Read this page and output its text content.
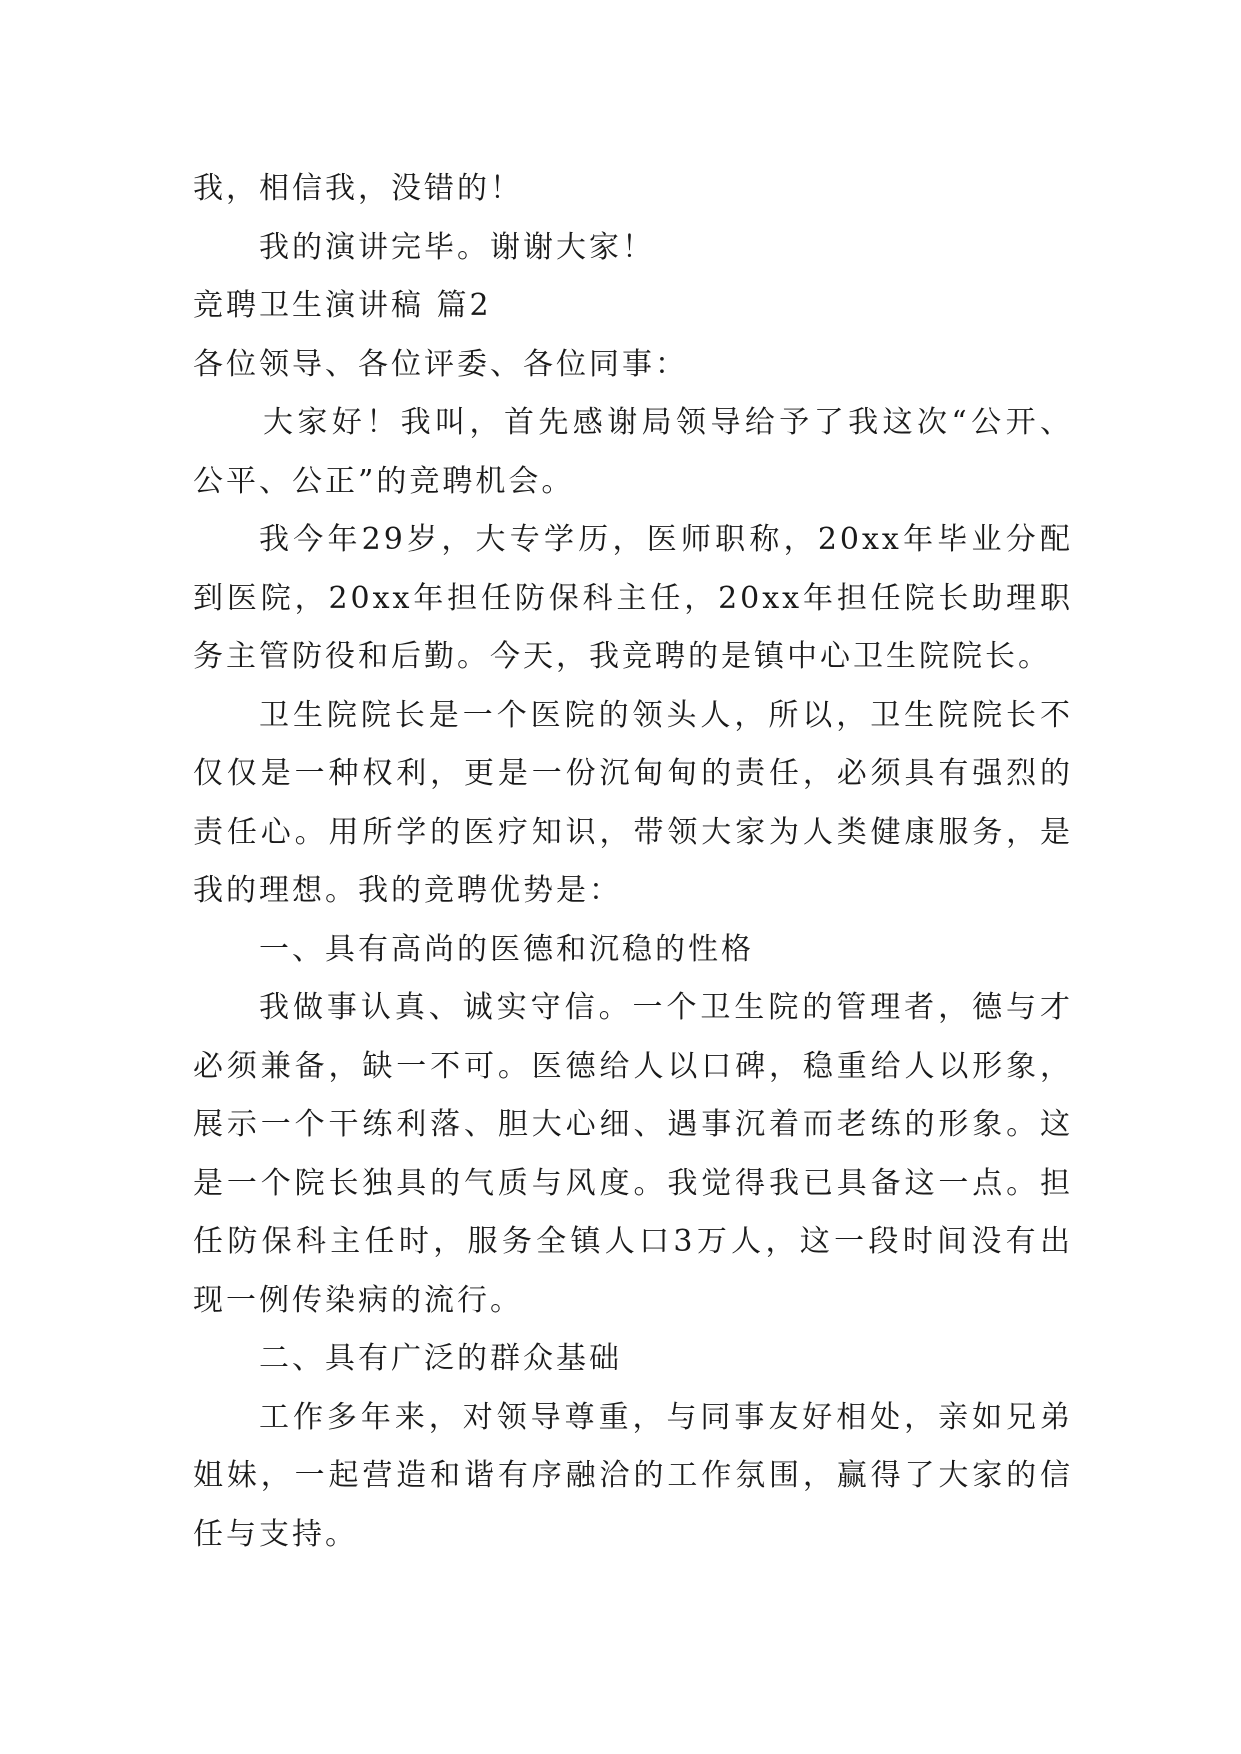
我，相信我，没错的！

我的演讲完毕。谢谢大家！

竞聘卫生演讲稿 篇2

各位领导、各位评委、各位同事：

大家好！我叫，首先感谢局领导给予了我这次“公开、公平、公正”的竞聘机会。

我今年29岁，大专学历，医师职称，20xx年毕业分配到医院，20xx年担任防保科主任，20xx年担任院长助理职务主管防役和后勤。今天，我竞聘的是镇中心卫生院院长。

卫生院院长是一个医院的领头人，所以，卫生院院长不仅仅是一种权利，更是一份沉甸甸的责任，必须具有强烈的责任心。用所学的医疗知识，带领大家为人类健康服务，是我的理想。我的竞聘优势是：

一、具有高尚的医德和沉稳的性格

我做事认真、诚实守信。一个卫生院的管理者，德与才必须兼备，缺一不可。医德给人以口碑，稳重给人以形象，展示一个干练利落、胆大心细、遇事沉着而老练的形象。这是一个院长独具的气质与风度。我觉得我已具备这一点。担任防保科主任时，服务全镇人口3万人，这一段时间没有出现一例传染病的流行。

二、具有广泛的群众基础

工作多年来，对领导尊重，与同事友好相处，亲如兄弟姐妹，一起营造和谐有序融洽的工作氛围，赢得了大家的信任与支持。
